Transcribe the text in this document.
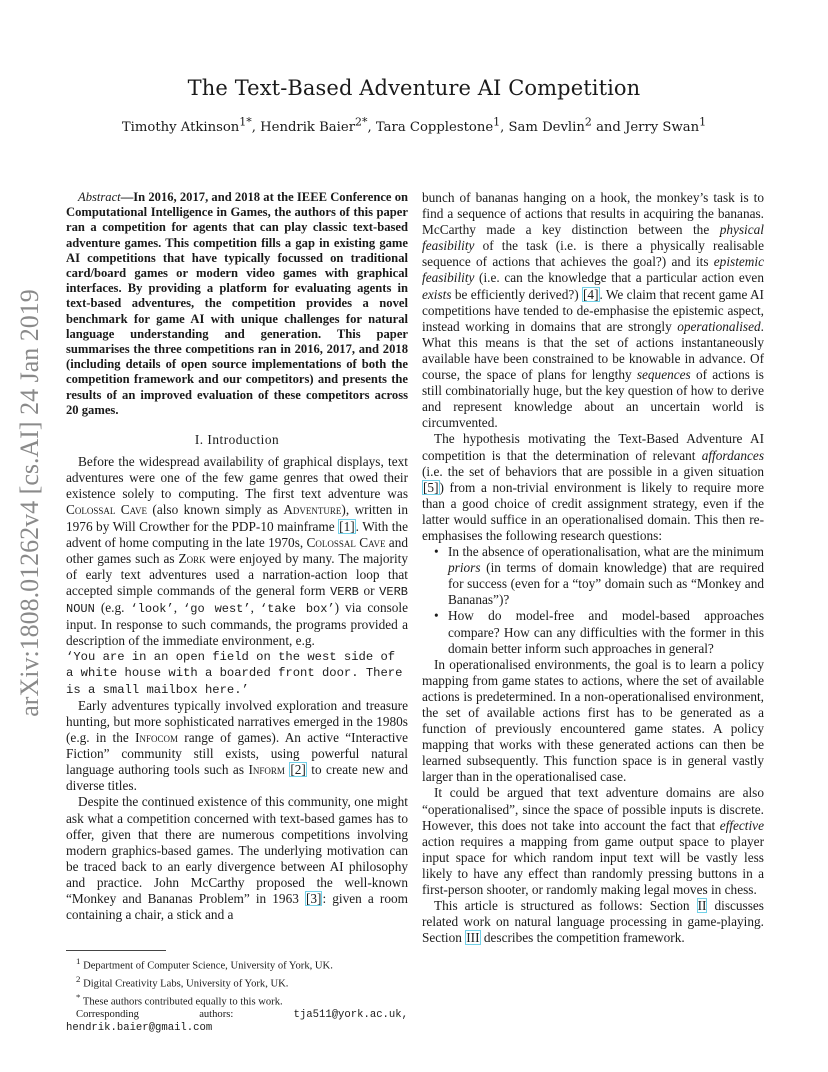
The Text-Based Adventure AI Competition
Timothy Atkinson$^{1*}$, Hendrik Baier$^{2*}$, Tara Copplestone$^1$, Sam Devlin$^2$ and Jerry Swan$^1$
arXiv:1808.01262v4 [cs.AI] 24 Jan 2019

Abstract—In 2016, 2017, and 2018 at the IEEE Conference on Computational Intelligence in Games, the authors of this paper ran a competition for agents that can play classic text-based adventure games. This competition fills a gap in existing game AI competitions that have typically focussed on traditional card/board games or modern video games with graphical interfaces. By providing a platform for evaluating agents in text-based adventures, the competition provides a novel benchmark for game AI with unique challenges for natural language understanding and generation. This paper summarises the three competitions ran in 2016, 2017, and 2018 (including details of open source implementations of both the competition framework and our competitors) and presents the results of an improved evaluation of these competitors across 20 games.

I. Introduction

Before the widespread availability of graphical displays, text adventures were one of the few game genres that owed their existence solely to computing. The first text adventure was Colossal Cave (also known simply as Adventure), written in 1976 by Will Crowther for the PDP-10 mainframe [1]. With the advent of home computing in the late 1970s, Colossal Cave and other games such as Zork were enjoyed by many. The majority of early text adventures used a narration-action loop that accepted simple commands of the general form VERB or VERB NOUN (e.g. ‘look’, ‘go west’, ‘take box’) via console input. In response to such commands, the programs provided a description of the immediate environment, e.g.

‘You are in an open field on the west side of a white house with a boarded front door. There is a small mailbox here.’

Early adventures typically involved exploration and treasure hunting, but more sophisticated narratives emerged in the 1980s (e.g. in the Infocom range of games). An active “Interactive Fiction” community still exists, using powerful natural language authoring tools such as Inform [2] to create new and diverse titles.

Despite the continued existence of this community, one might ask what a competition concerned with text-based games has to offer, given that there are numerous competitions involving modern graphics-based games. The underlying motivation can be traced back to an early divergence between AI philosophy and practice. John McCarthy proposed the well-known “Monkey and Bananas Problem” in 1963 [3]: given a room containing a chair, a stick and a

$^1$ Department of Computer Science, University of York, UK.

$^2$ Digital Creativity Labs, University of York, UK.

* These authors contributed equally to this work.

Corresponding	authors:	tja511@york.ac.uk,
hendrik.baier@gmail.com

bunch of bananas hanging on a hook, the monkey’s task is to find a sequence of actions that results in acquiring the bananas. McCarthy made a key distinction between the physical feasibility of the task (i.e. is there a physically realisable sequence of actions that achieves the goal?) and its epistemic feasibility (i.e. can the knowledge that a particular action even exists be efficiently derived?) [4]. We claim that recent game AI competitions have tended to de-emphasise the epistemic aspect, instead working in domains that are strongly operationalised. What this means is that the set of actions instantaneously available have been constrained to be knowable in advance. Of course, the space of plans for lengthy sequences of actions is still combinatorially huge, but the key question of how to derive and represent knowledge about an uncertain world is circumvented.

The hypothesis motivating the Text-Based Adventure AI competition is that the determination of relevant affordances (i.e. the set of behaviors that are possible in a given situation [5]) from a non-trivial environment is likely to require more than a good choice of credit assignment strategy, even if the latter would suffice in an operationalised domain. This then re-emphasises the following research questions:

• In the absence of operationalisation, what are the minimum priors (in terms of domain knowledge) that are required for success (even for a “toy” domain such as “Monkey and Bananas”)?
• How do model-free and model-based approaches compare? How can any difficulties with the former in this domain better inform such approaches in general?

In operationalised environments, the goal is to learn a policy mapping from game states to actions, where the set of available actions is predetermined. In a non-operationalised environment, the set of available actions first has to be generated as a function of previously encountered game states. A policy mapping that works with these generated actions can then be learned subsequently. This function space is in general vastly larger than in the operationalised case.

It could be argued that text adventure domains are also “operationalised”, since the space of possible inputs is discrete. However, this does not take into account the fact that effective action requires a mapping from game output space to player input space for which random input text will be vastly less likely to have any effect than randomly pressing buttons in a first-person shooter, or randomly making legal moves in chess.

This article is structured as follows: Section II discusses related work on natural language processing in game-playing. Section III describes the competition framework.
